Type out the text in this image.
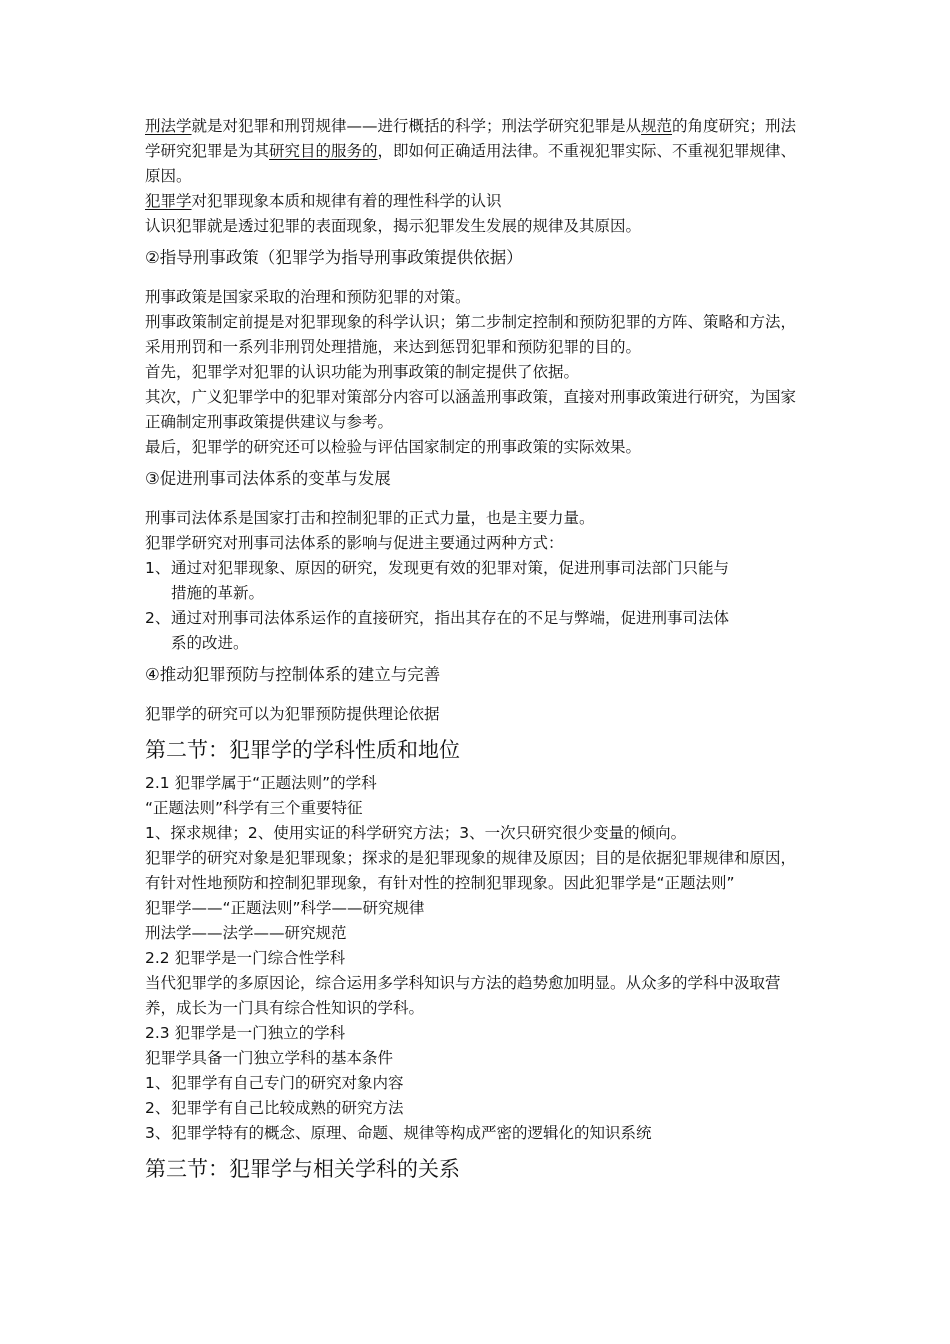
刑法学就是对犯罪和刑罚规律——进行概括的科学；刑法学研究犯罪是从规范的角度研究；刑法学研究犯罪是为其研究目的服务的，即如何正确适用法律。不重视犯罪实际、不重视犯罪规律、原因。

犯罪学对犯罪现象本质和规律有着的理性科学的认识

认识犯罪就是透过犯罪的表面现象，揭示犯罪发生发展的规律及其原因。

②指导刑事政策（犯罪学为指导刑事政策提供依据）

刑事政策是国家采取的治理和预防犯罪的对策。

刑事政策制定前提是对犯罪现象的科学认识；第二步制定控制和预防犯罪的方阵、策略和方法，采用刑罚和一系列非刑罚处理措施，来达到惩罚犯罪和预防犯罪的目的。

首先，犯罪学对犯罪的认识功能为刑事政策的制定提供了依据。

其次，广义犯罪学中的犯罪对策部分内容可以涵盖刑事政策，直接对刑事政策进行研究，为国家正确制定刑事政策提供建议与参考。

最后，犯罪学的研究还可以检验与评估国家制定的刑事政策的实际效果。

③促进刑事司法体系的变革与发展

刑事司法体系是国家打击和控制犯罪的正式力量，也是主要力量。

犯罪学研究对刑事司法体系的影响与促进主要通过两种方式：

1、 通过对犯罪现象、原因的研究，发现更有效的犯罪对策，促进刑事司法部门只能与
措施的革新。
2、 通过对刑事司法体系运作的直接研究，指出其存在的不足与弊端，促进刑事司法体
系的改进。

④推动犯罪预防与控制体系的建立与完善

犯罪学的研究可以为犯罪预防提供理论依据

第二节：犯罪学的学科性质和地位

2.1 犯罪学属于“正题法则”的学科

“正题法则”科学有三个重要特征

1、探求规律；2、使用实证的科学研究方法；3、一次只研究很少变量的倾向。

犯罪学的研究对象是犯罪现象；探求的是犯罪现象的规律及原因；目的是依据犯罪规律和原因，有针对性地预防和控制犯罪现象，有针对性的控制犯罪现象。因此犯罪学是“正题法则”

犯罪学——“正题法则”科学——研究规律

刑法学——法学——研究规范

2.2 犯罪学是一门综合性学科

当代犯罪学的多原因论，综合运用多学科知识与方法的趋势愈加明显。从众多的学科中汲取营养，成长为一门具有综合性知识的学科。

2.3 犯罪学是一门独立的学科

犯罪学具备一门独立学科的基本条件

1、 犯罪学有自己专门的研究对象内容
2、 犯罪学有自己比较成熟的研究方法
3、 犯罪学特有的概念、原理、命题、规律等构成严密的逻辑化的知识系统
第三节：犯罪学与相关学科的关系
